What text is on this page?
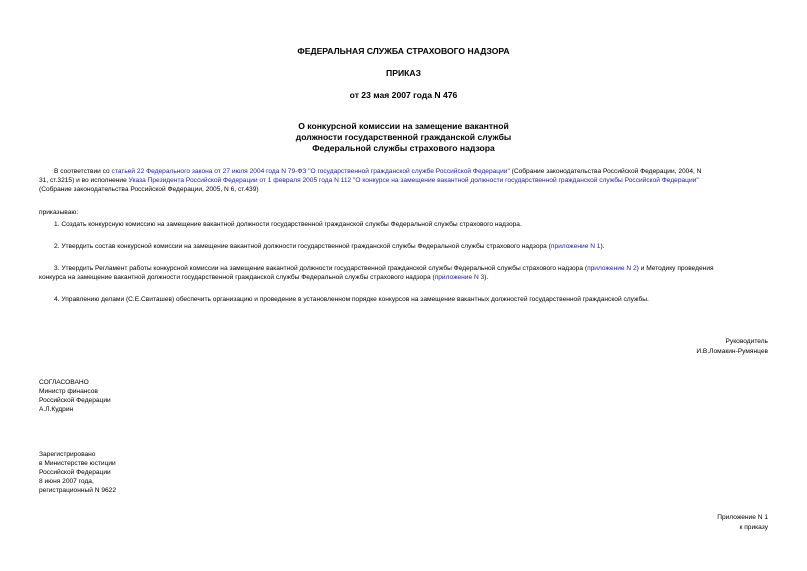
ФЕДЕРАЛЬНАЯ СЛУЖБА СТРАХОВОГО НАДЗОРА
ПРИКАЗ
от 23 мая 2007 года N 476
О конкурсной комиссии на замещение вакантной
должности государственной гражданской службы
Федеральной службы страхового надзора
В соответствии со статьей 22 Федерального закона от 27 июля 2004 года N 79-ФЗ "О государственной гражданской службе Российской Федерации" (Собрание законодательства Российской Федерации, 2004, N
31, ст.3215) и во исполнение Указа Президента Российской Федерации от 1 февраля 2005 года N 112 "О конкурсе на замещение вакантной должности государственной гражданской службы Российской Федерации"
(Собрание законодательства Российской Федерации, 2005, N 6, ст.439)
приказываю:
1. Создать конкурсную комиссию на замещение вакантной должности государственной гражданской службы Федеральной службы страхового надзора.
2. Утвердить состав конкурсной комиссии на замещение вакантной должности государственной гражданской службы Федеральной службы страхового надзора (приложение N 1).
3. Утвердить Регламент работы конкурсной комиссии на замещение вакантной должности государственной гражданской службы Федеральной службы страхового надзора (приложение N 2) и Методику проведения
конкурса на замещение вакантной должности государственной гражданской службы Федеральной службы страхового надзора (приложение N 3).
4. Управлению делами (С.Е.Свиташев) обеспечить организацию и проведение в установленном порядке конкурсов на замещение вакантных должностей государственной гражданской службы.
Руководитель
И.В.Ломакин-Румянцев
СОГЛАСОВАНО
Министр финансов
Российской Федерации
А.Л.Кудрин
Зарегистрировано
в Министерстве юстиции
Российской Федерации
8 июня 2007 года,
регистрационный N 9622
Приложение N 1
к приказу
